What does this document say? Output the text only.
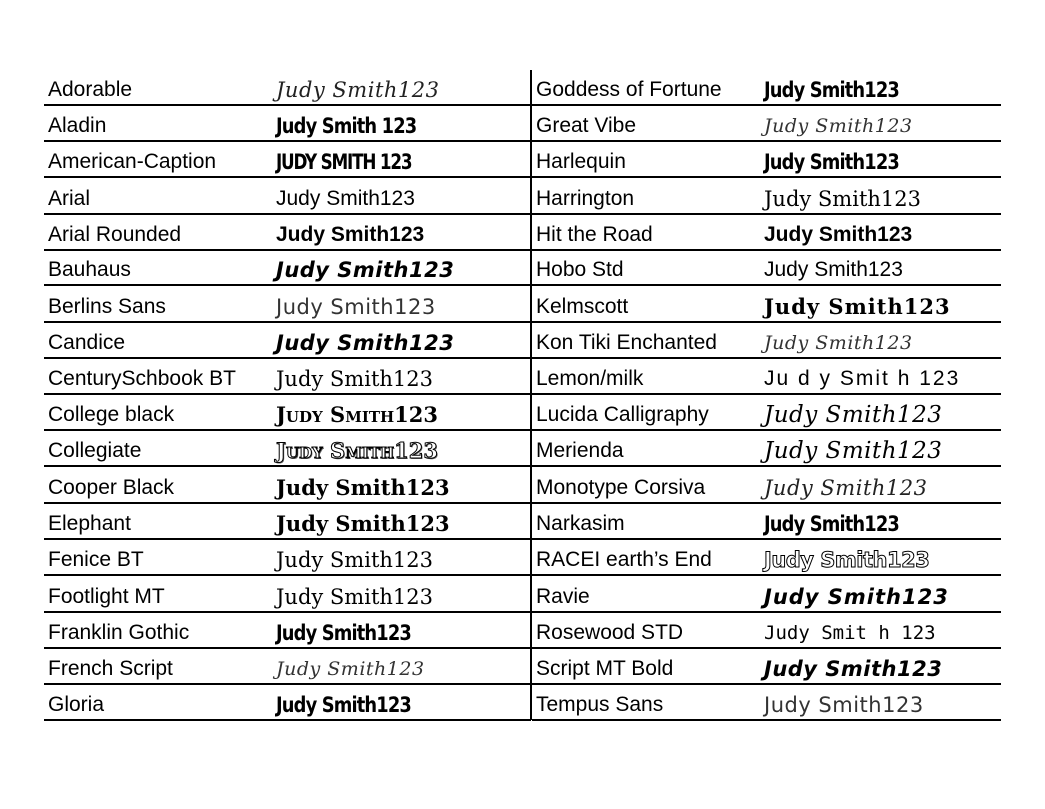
Adorable	Judy Smith123
Aladin	Judy Smith 123
American-Caption	JUDY SMITH 123
Arial	Judy Smith123
Arial Rounded	Judy Smith123
Bauhaus	Judy Smith123
Berlins Sans	Judy Smith123
Candice	Judy Smith123
CenturySchbook BT Judy Smith123
College black	Judy Smith123
Collegiate	Judy Smith123
Cooper Black	Judy Smith123
Elephant	Judy Smith123
Fenice BT	Judy Smith123
Footlight MT	Judy Smith123
Franklin Gothic	Judy Smith123
French Script	Judy Smith123
Gloria	Judy Smith123
Goddess of Fortune Judy Smith123
Great Vibe	Judy Smith123
Harlequin	Judy Smith123
Harrington	Judy Smith123
Hit the Road	Judy Smith123
Hobo Std	Judy Smith123
Kelmscott	Judy Smith123
Kon Tiki Enchanted Judy Smith123
Lemon/milk	Ju d y Smit h 123
Lucida Calligraphy Judy Smith123
Merienda	Judy Smith123
Monotype Corsiva	Judy Smith123
Narkasim	Judy Smith123
RACEI earth’s End Judy Smith123
Ravie	Judy Smith123
Rosewood STD	Judy Smit h 123
Script MT Bold	Judy Smith123
Tempus Sans	Judy Smith123
